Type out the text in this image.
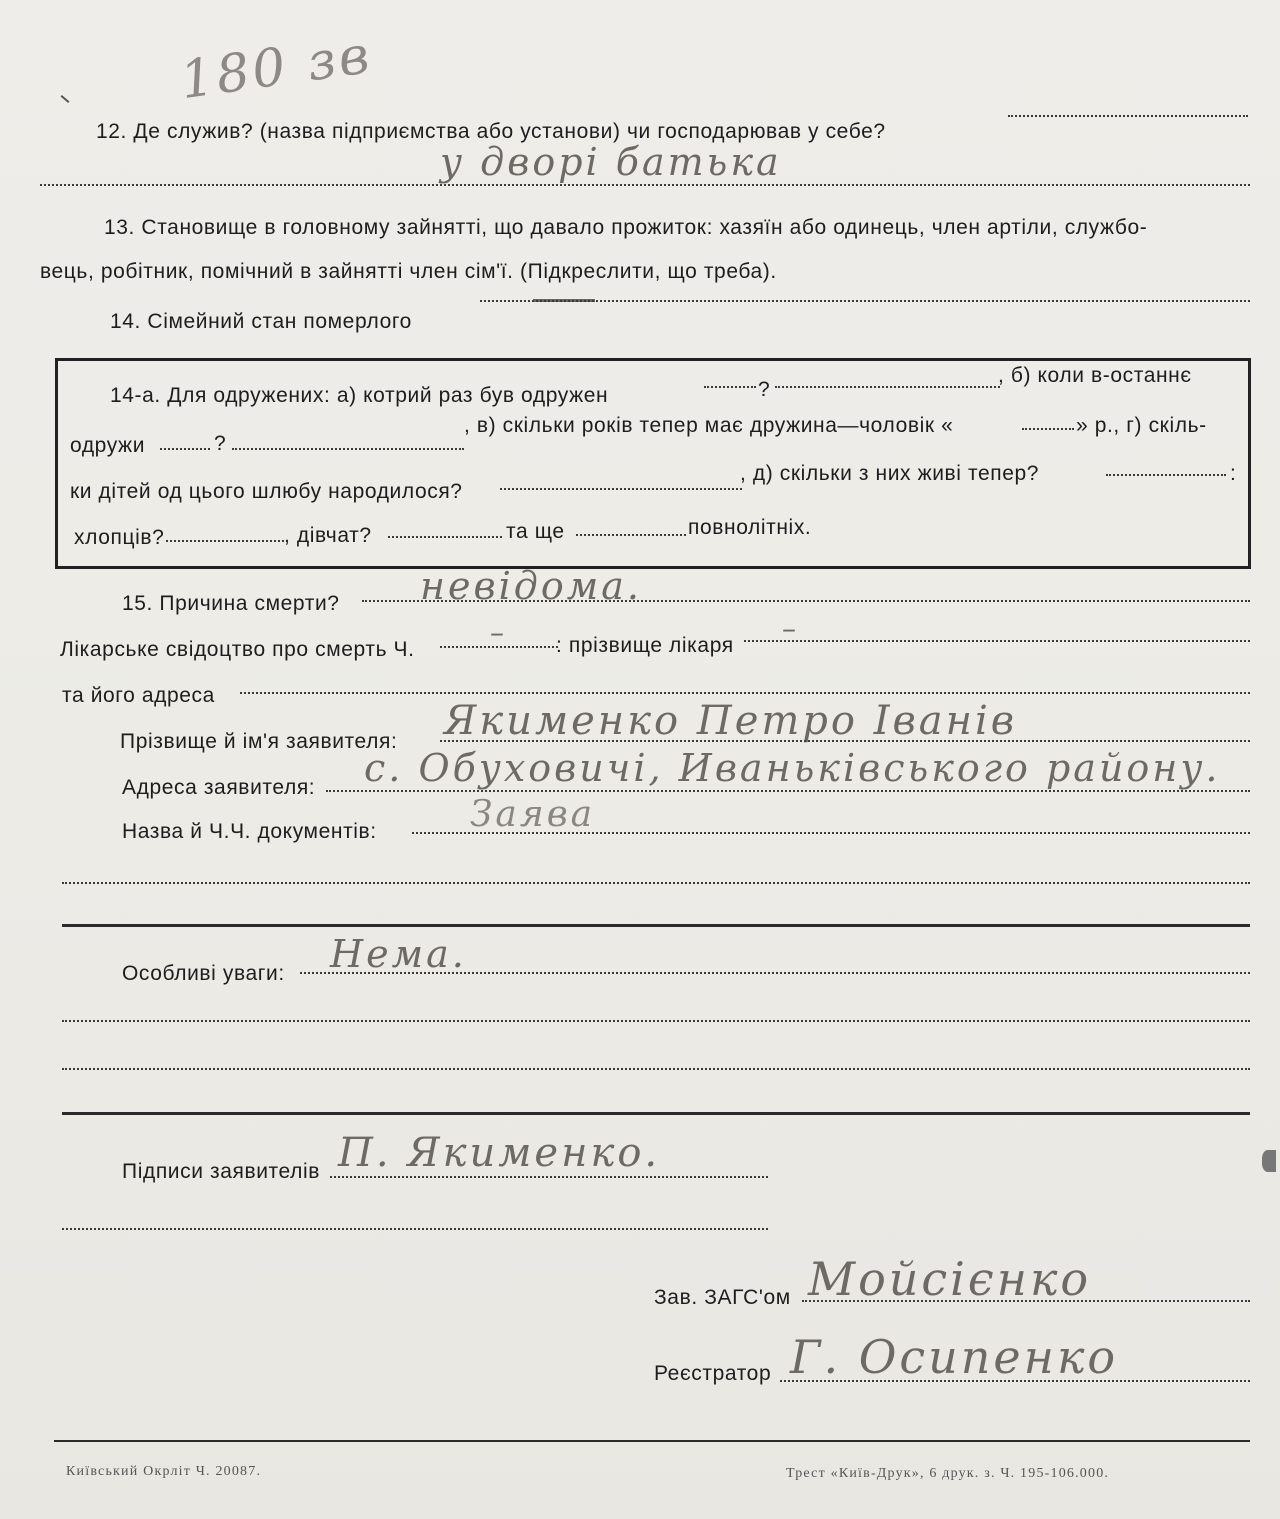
180 зв
12. Де служив? (назва підприємства або установи) чи господарював у себе?
у дворі батька
13. Становище в головному зайнятті, що давало прожиток: хазяїн або одинець, член артіли, службо-
вець, робітник, помічний в зайнятті член сім'ї. (Підкреслити, що треба).
14. Сімейний стан померлого
14-а. Для одружених: а) котрий раз був одружен	?
, б) коли в-останнє
одружи	?
, в) скільки років тепер має дружина—чоловік «	» р., г) скіль-
ки дітей од цього шлюбу народилося?
, д) скільки з них живі тепер?	:
хлопців?	, дівчат?	та ще	повнолітніх.
15. Причина смерти? невідома.
Лікарське свідоцтво про смерть Ч.
– : прізвище лікаря
–
та його адреса
Прізвище й ім'я заявителя: Якименко Петро Іванів
Адреса заявителя: с. Обуховичі, Иваньківського району.
Назва й Ч.Ч. документів:	Заява
Особливі уваги: Нема.
Підписи заявителів П. Якименко.
Зав. ЗАГС'ом Мойсієнко
Реєстратор Г. Осипенко
Київський Окрліт Ч. 20087.	Трест «Київ-Друк», 6 друк. з. Ч. 195-106.000.
